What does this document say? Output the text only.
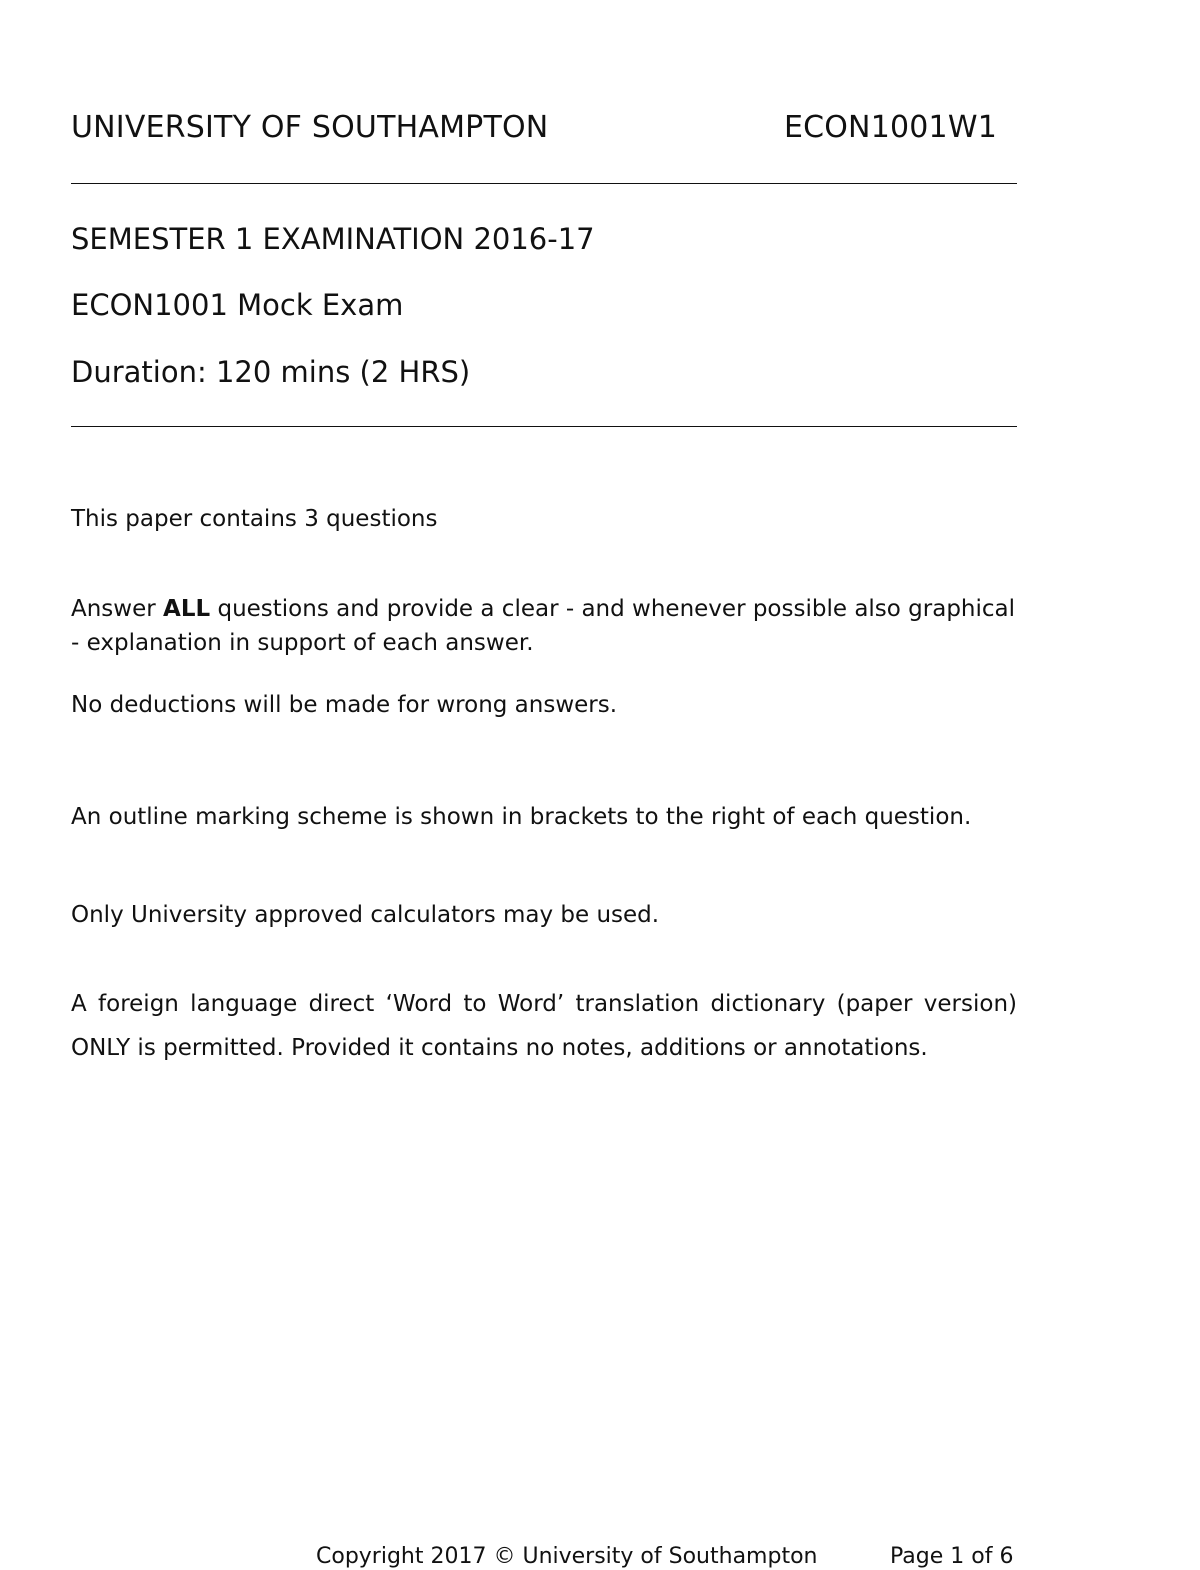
UNIVERSITY OF SOUTHAMPTON	ECON1001W1
SEMESTER 1 EXAMINATION 2016-17
ECON1001 Mock Exam
Duration: 120 mins (2 HRS)
This paper contains 3 questions
Answer ALL questions and provide a clear - and whenever possible also graphical - explanation in support of each answer.
No deductions will be made for wrong answers.
An outline marking scheme is shown in brackets to the right of each question.
Only University approved calculators may be used.
A foreign language direct ‘Word to Word’ translation dictionary (paper version)
ONLY is permitted. Provided it contains no notes, additions or annotations.
Copyright 2017 © University of Southampton	Page 1 of 6
